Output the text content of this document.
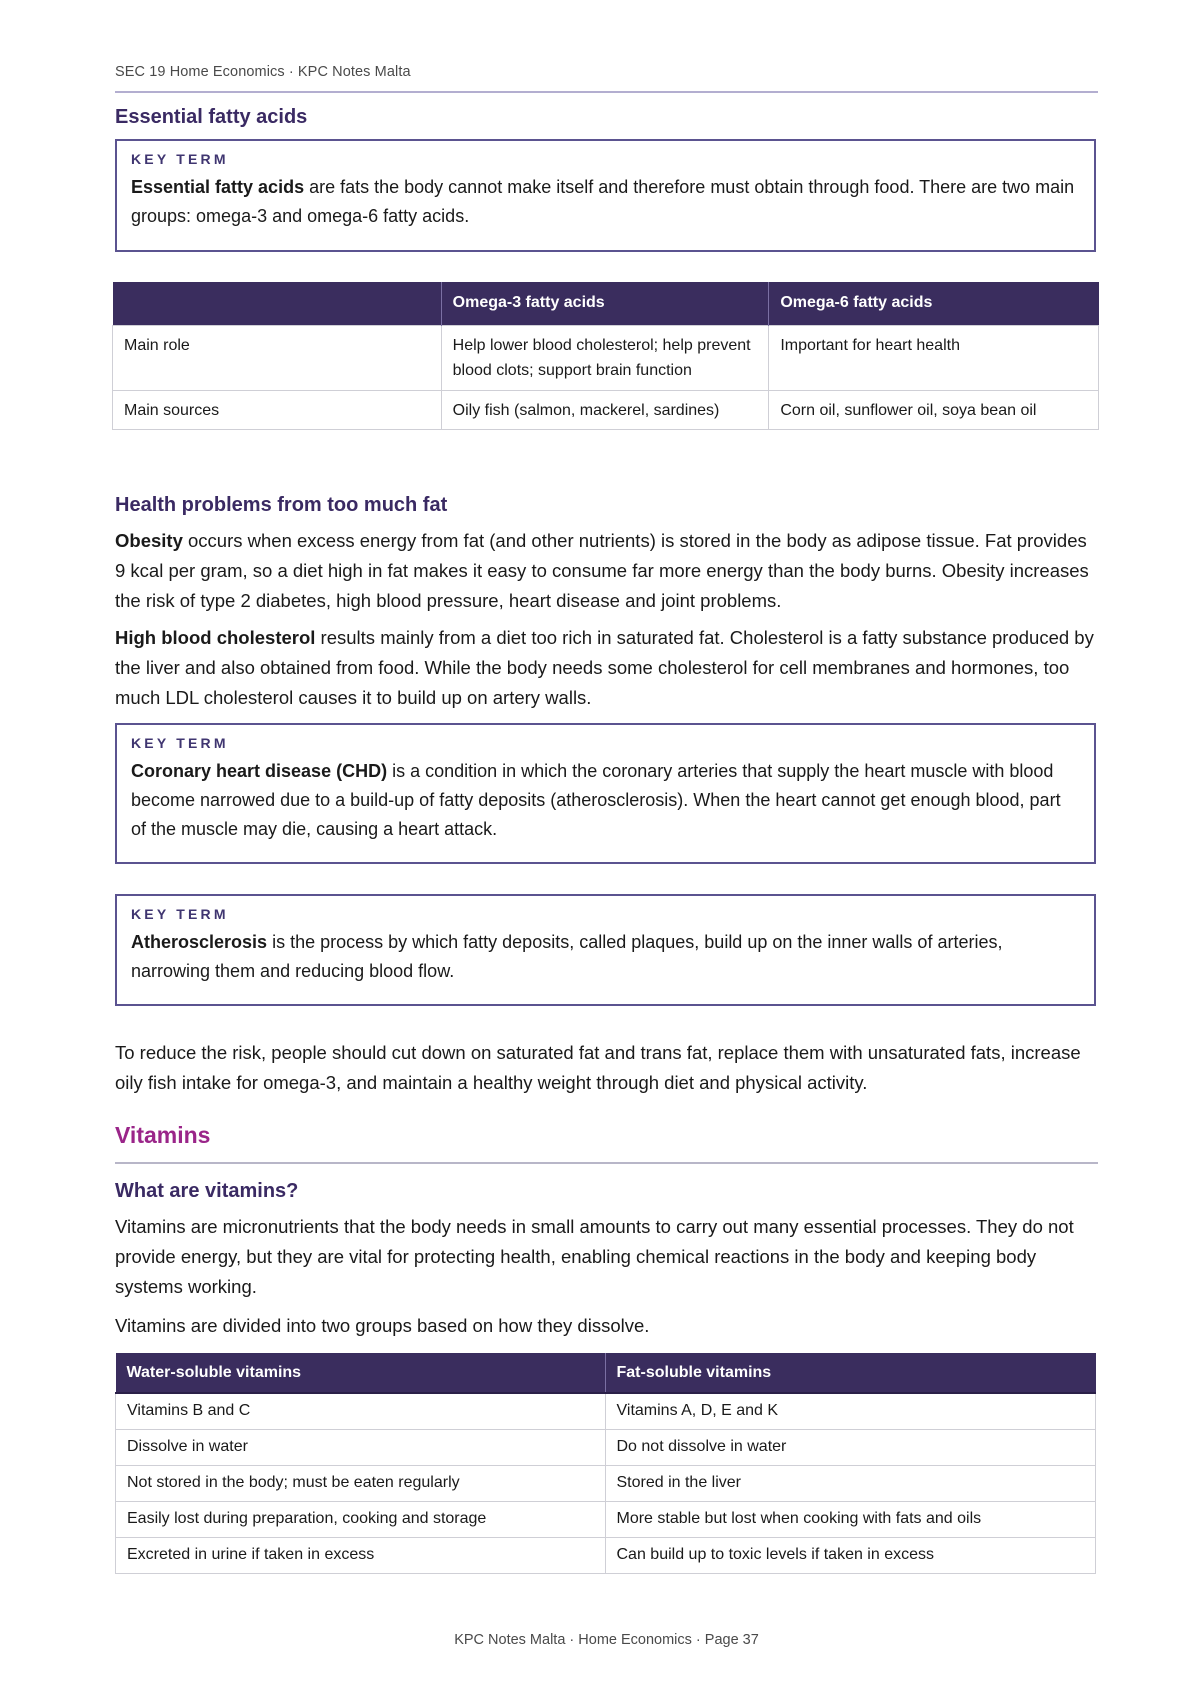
SEC 19 Home Economics · KPC Notes Malta
Essential fatty acids
KEY TERM
Essential fatty acids are fats the body cannot make itself and therefore must obtain through food. There are two main groups: omega-3 and omega-6 fatty acids.
	Omega-3 fatty acids	Omega-6 fatty acids
Main role	Help lower blood cholesterol; help prevent blood clots; support brain function	Important for heart health
Main sources	Oily fish (salmon, mackerel, sardines)	Corn oil, sunflower oil, soya bean oil
Health problems from too much fat
Obesity occurs when excess energy from fat (and other nutrients) is stored in the body as adipose tissue. Fat provides 9 kcal per gram, so a diet high in fat makes it easy to consume far more energy than the body burns. Obesity increases the risk of type 2 diabetes, high blood pressure, heart disease and joint problems.
High blood cholesterol results mainly from a diet too rich in saturated fat. Cholesterol is a fatty substance produced by the liver and also obtained from food. While the body needs some cholesterol for cell membranes and hormones, too much LDL cholesterol causes it to build up on artery walls.
KEY TERM
Coronary heart disease (CHD) is a condition in which the coronary arteries that supply the heart muscle with blood become narrowed due to a build-up of fatty deposits (atherosclerosis). When the heart cannot get enough blood, part of the muscle may die, causing a heart attack.
KEY TERM
Atherosclerosis is the process by which fatty deposits, called plaques, build up on the inner walls of arteries, narrowing them and reducing blood flow.
To reduce the risk, people should cut down on saturated fat and trans fat, replace them with unsaturated fats, increase oily fish intake for omega-3, and maintain a healthy weight through diet and physical activity.
Vitamins
What are vitamins?
Vitamins are micronutrients that the body needs in small amounts to carry out many essential processes. They do not provide energy, but they are vital for protecting health, enabling chemical reactions in the body and keeping body systems working.
Vitamins are divided into two groups based on how they dissolve.
Water-soluble vitamins	Fat-soluble vitamins
Vitamins B and C	Vitamins A, D, E and K
Dissolve in water	Do not dissolve in water
Not stored in the body; must be eaten regularly	Stored in the liver
Easily lost during preparation, cooking and storage	More stable but lost when cooking with fats and oils
Excreted in urine if taken in excess	Can build up to toxic levels if taken in excess
KPC Notes Malta · Home Economics · Page 37
